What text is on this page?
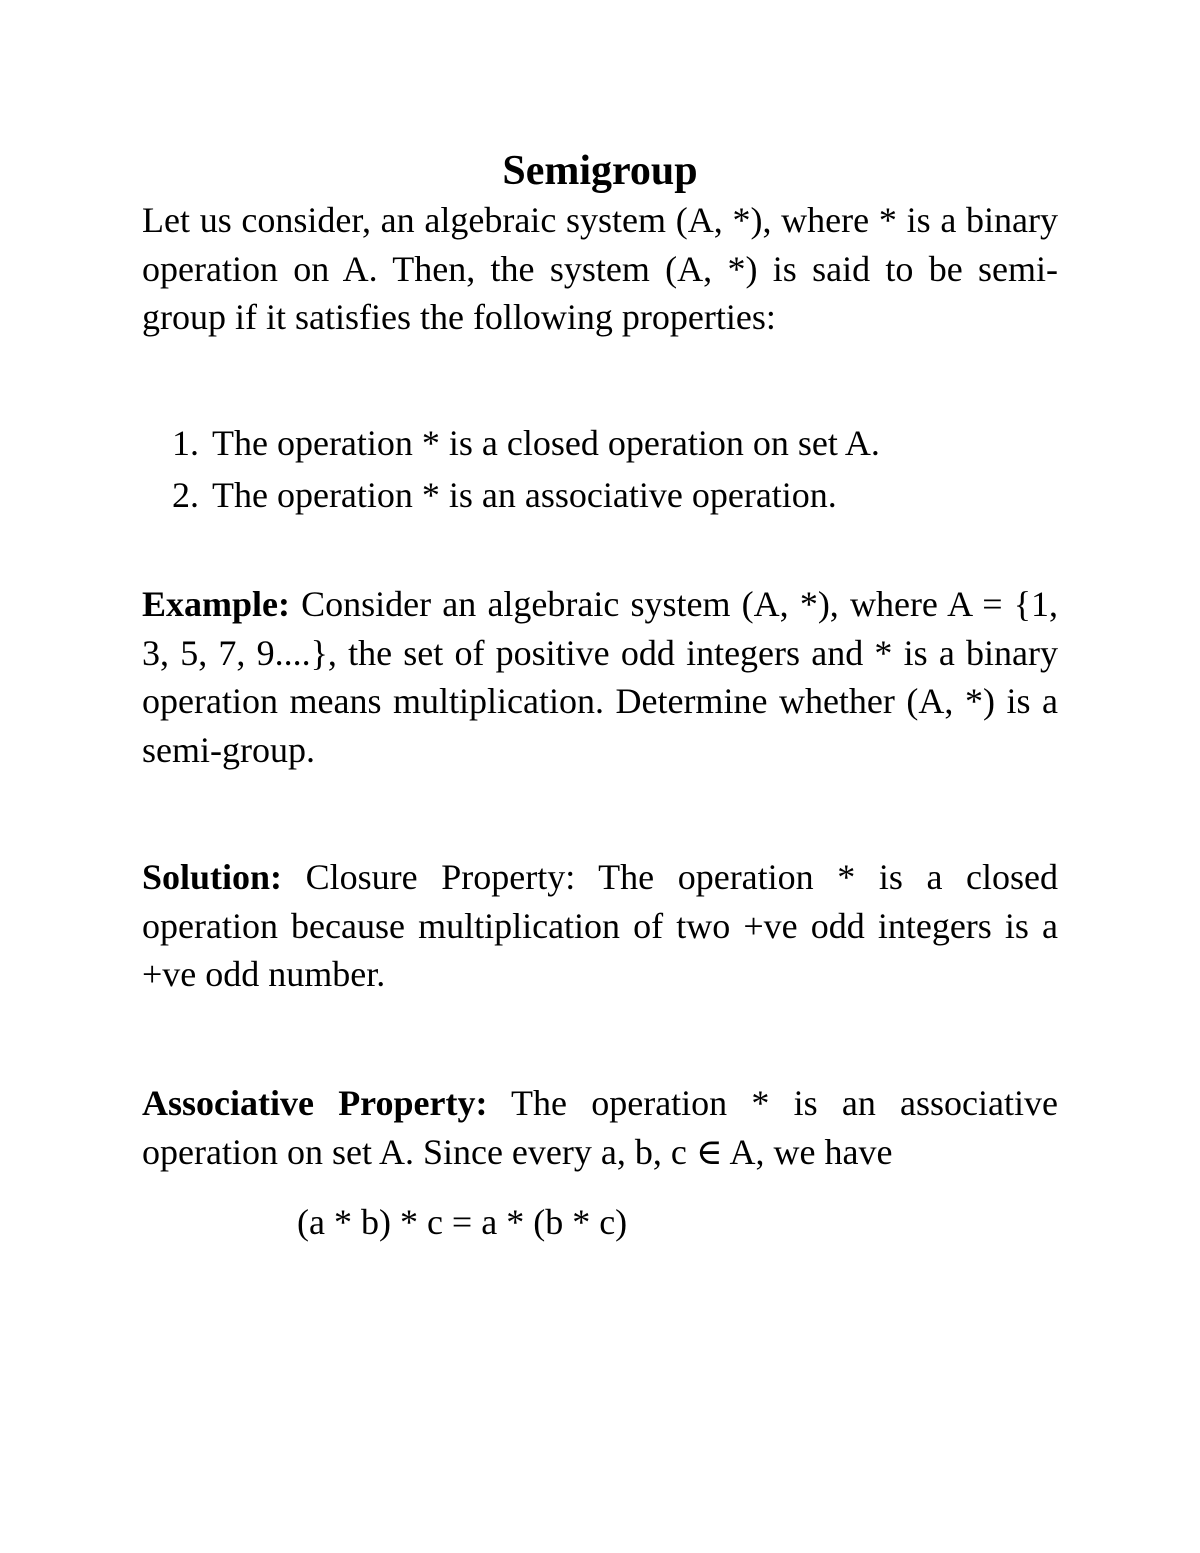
Semigroup

Let us consider, an algebraic system (A, *), where * is a binary operation on A. Then, the system (A, *) is said to be semi-group if it satisfies the following properties:

1. The operation * is a closed operation on set A.
2. The operation * is an associative operation.

Example: Consider an algebraic system (A, *), where A = {1, 3, 5, 7, 9....}, the set of positive odd integers and * is a binary operation means multiplication. Determine whether (A, *) is a semi-group.

Solution: Closure Property: The operation * is a closed operation because multiplication of two +ve odd integers is a +ve odd number.

Associative Property: The operation * is an associative operation on set A. Since every a, b, c ∈ A, we have

(a * b) * c = a * (b * c)
